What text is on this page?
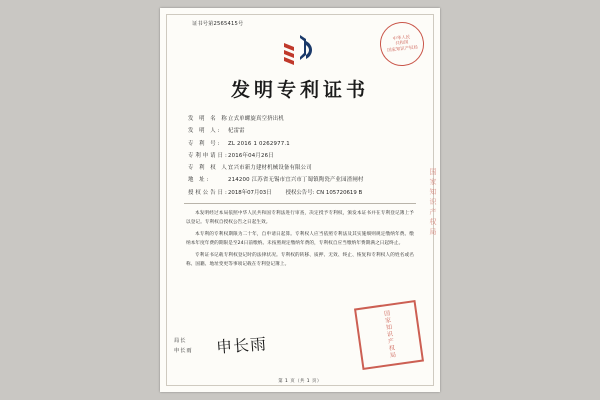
证书号第2565415号
中华人民
共和国
国家知识产权局
发明专利证书
发 明 名 称:
立式单螺旋真空挤出机
发 明 人:	杞雷雷
专 利 号:	ZL 2016 1 0262977.1
专利申请日: 2016年04月26日
专 利 权 人:
宜兴市新力建材机械设备有限公司
地 址:	214200 江苏省无锡市宜兴市丁蜀镇陶瓷产业园渣闸村
授权公告日: 2018年07月03日	授权公告号: CN 105720619 B

本发明经过本局依照中华人民共和国专利法进行审查，决定授予专利权，颁发本证书并在专利登记簿上予以登记。专利权自授权公告之日起生效。

本专利的专利权期限为二十年，自申请日起算。专利权人应当依照专利法及其实施细则规定缴纳年费。缴纳本年度年费的期限是至24日前缴纳。未按照规定缴纳年费的，专利权自应当缴纳年费期满之日起终止。

专利证书记载专利权登记时的法律状况。专利权的转移、质押、无效、终止、恢复和专利权人的姓名或名称、国籍、地址变更等事项记载在专利登记簿上。

局长
申长雨 申长雨	国家知识产权局
国家知识产权局
第 1 页（共 1 页）
